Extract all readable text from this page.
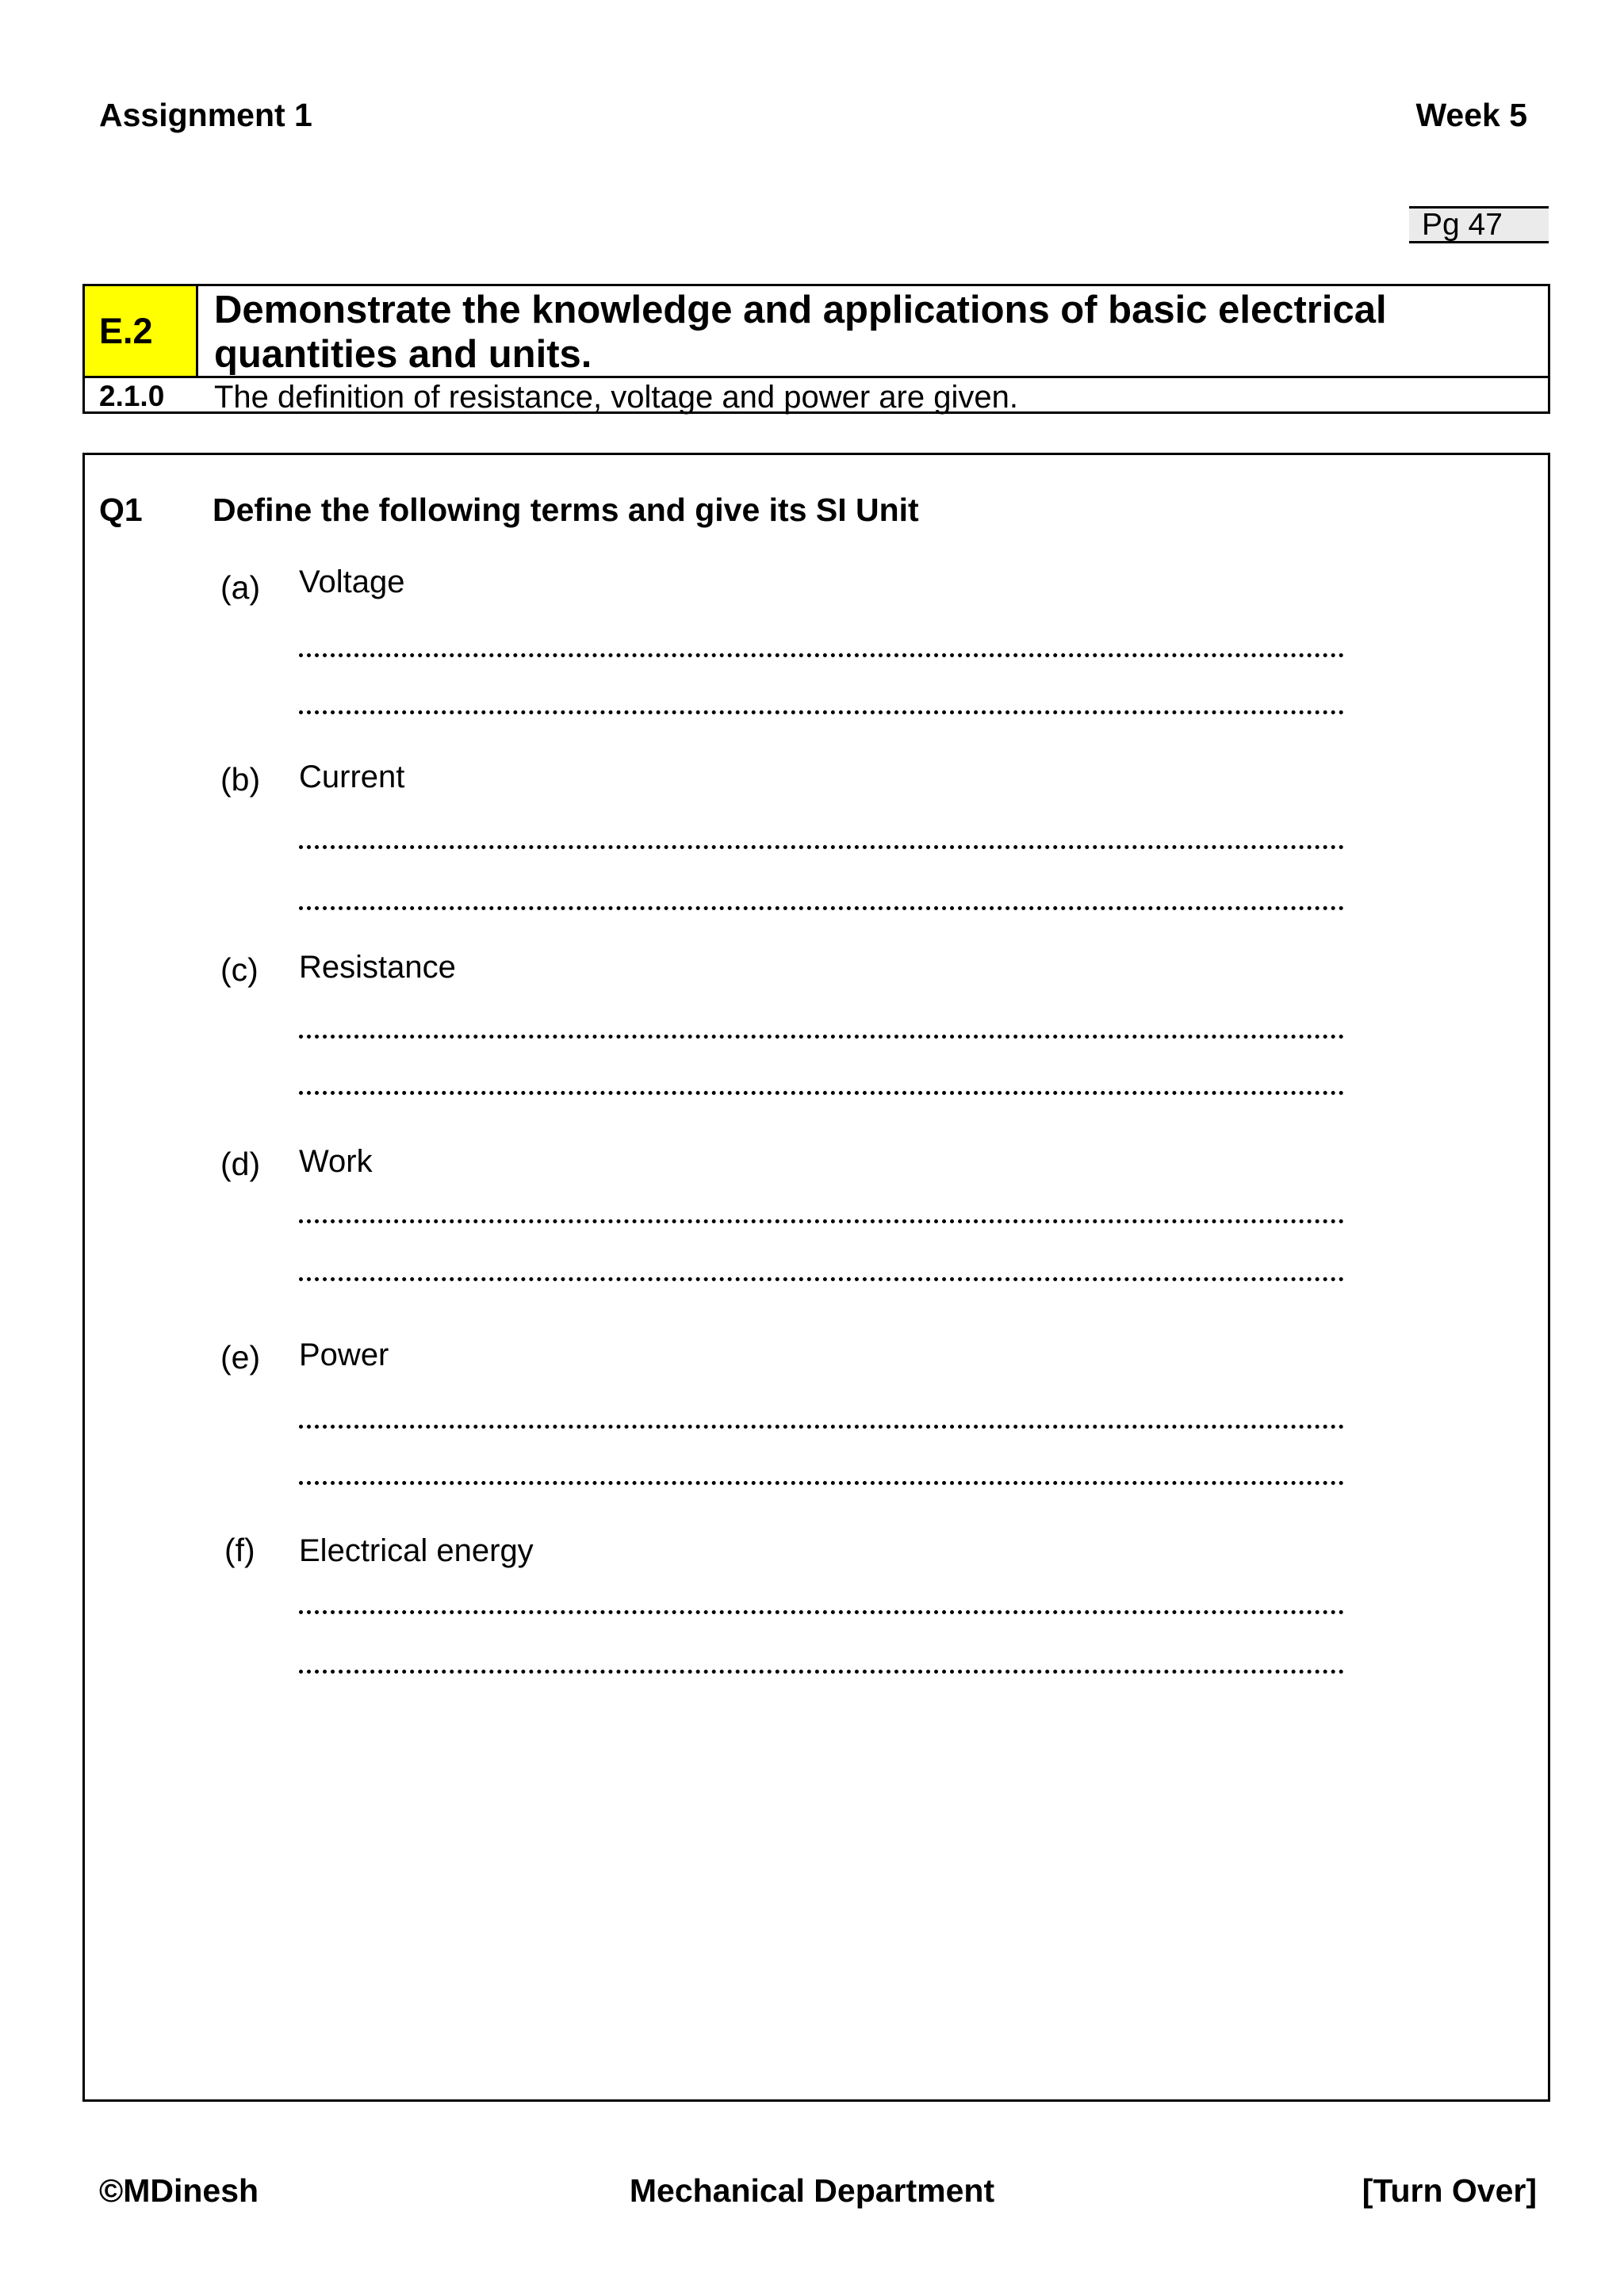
Assignment 1	Week 5
Pg 47
E.2	Demonstrate the knowledge and applications of basic electrical quantities and units.
2.1.0 The definition of resistance, voltage and power are given.
Q1 Define the following terms and give its SI Unit
(a) Voltage
(b) Current
(c) Resistance
(d) Work
(e) Power
(f) Electrical energy
©MDinesh	Mechanical Department	[Turn Over]
